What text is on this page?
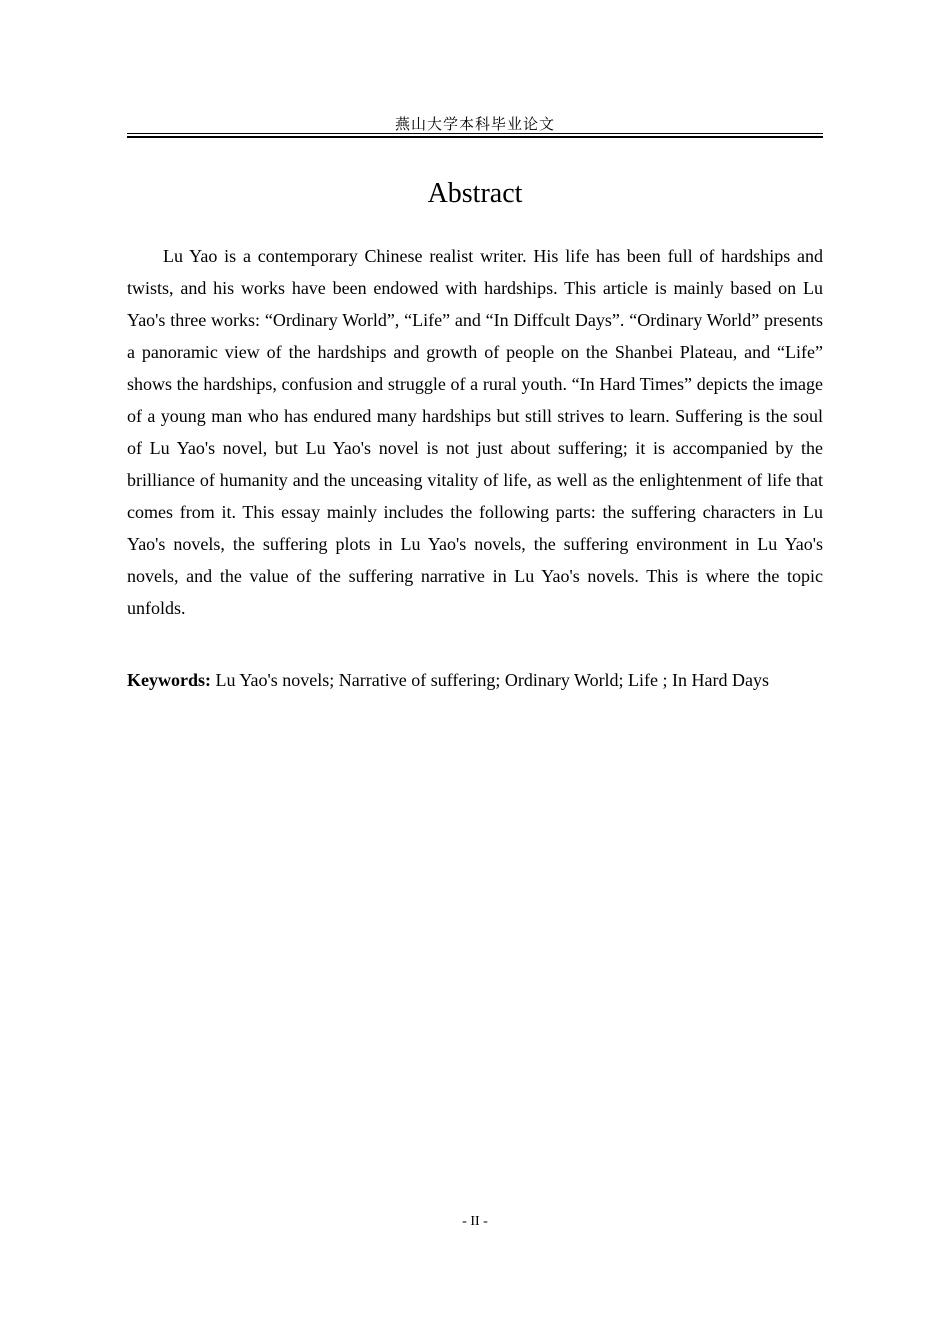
燕山大学本科毕业论文
Abstract

Lu Yao is a contemporary Chinese realist writer. His life has been full of hardships and twists, and his works have been endowed with hardships. This article is mainly based on Lu Yao's three works: “Ordinary World”, “Life” and “In Diffcult Days”. “Ordinary World” presents a panoramic view of the hardships and growth of people on the Shanbei Plateau, and “Life” shows the hardships, confusion and struggle of a rural youth. “In Hard Times” depicts the image of a young man who has endured many hardships but still strives to learn. Suffering is the soul of Lu Yao's novel, but Lu Yao's novel is not just about suffering; it is accompanied by the brilliance of humanity and the unceasing vitality of life, as well as the enlightenment of life that comes from it. This essay mainly includes the following parts: the suffering characters in Lu Yao's novels, the suffering plots in Lu Yao's novels, the suffering environment in Lu Yao's novels, and the value of the suffering narrative in Lu Yao's novels. This is where the topic unfolds.

Keywords: Lu Yao's novels; Narrative of suffering; Ordinary World; Life ; In Hard Days

- II -
